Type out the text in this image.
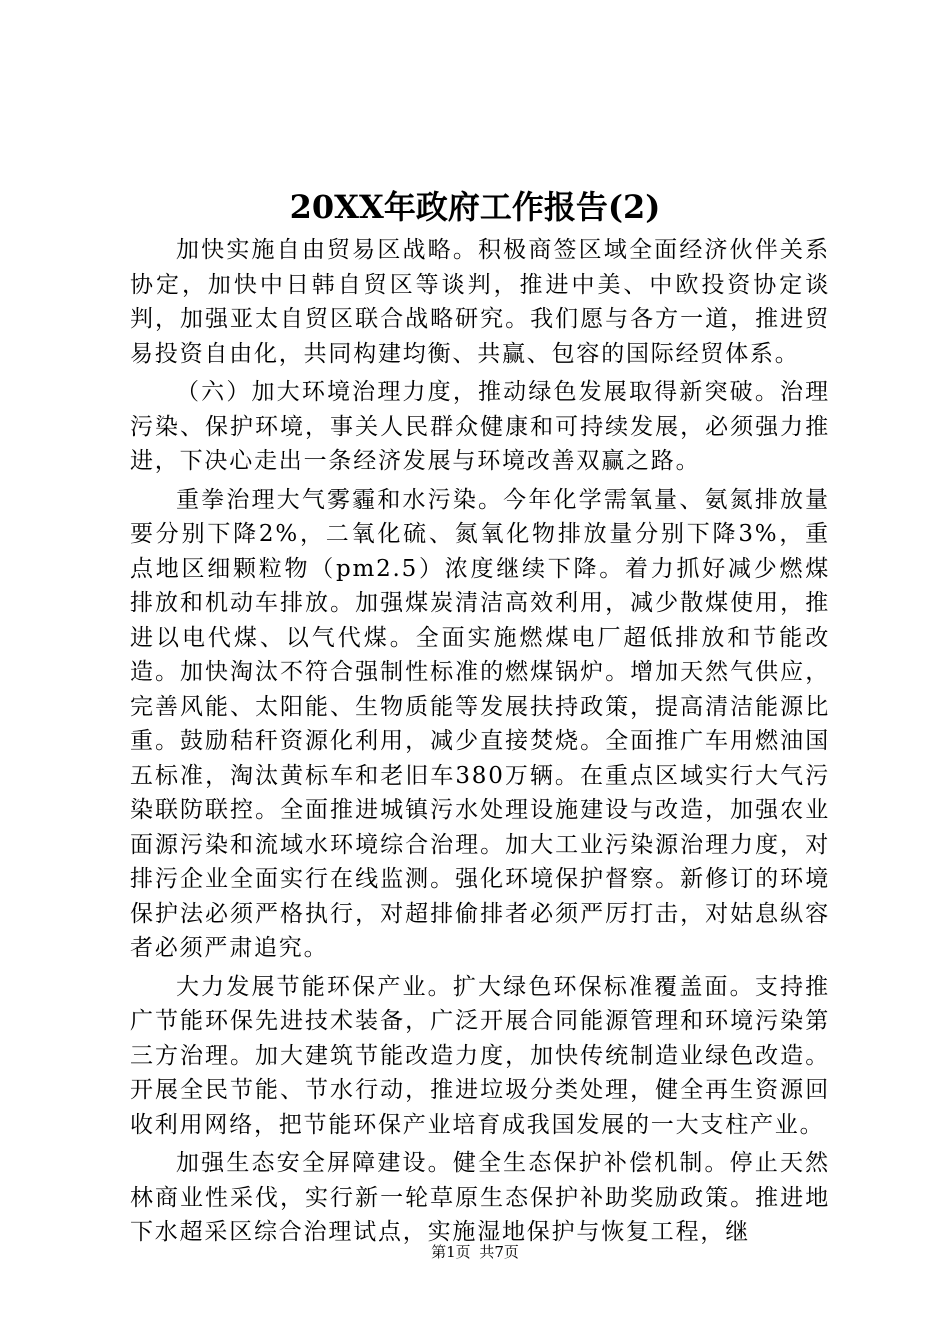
20XX年政府工作报告(2)

加快实施自由贸易区战略。积极商签区域全面经济伙伴关系协定，加快中日韩自贸区等谈判，推进中美、中欧投资协定谈判，加强亚太自贸区联合战略研究。我们愿与各方一道，推进贸易投资自由化，共同构建均衡、共赢、包容的国际经贸体系。

（六）加大环境治理力度，推动绿色发展取得新突破。治理污染、保护环境，事关人民群众健康和可持续发展，必须强力推进，下决心走出一条经济发展与环境改善双赢之路。

重拳治理大气雾霾和水污染。今年化学需氧量、氨氮排放量要分别下降2%，二氧化硫、氮氧化物排放量分别下降3%，重点地区细颗粒物（pm2.5）浓度继续下降。着力抓好减少燃煤排放和机动车排放。加强煤炭清洁高效利用，减少散煤使用，推进以电代煤、以气代煤。全面实施燃煤电厂超低排放和节能改造。加快淘汰不符合强制性标准的燃煤锅炉。增加天然气供应，完善风能、太阳能、生物质能等发展扶持政策，提高清洁能源比重。鼓励秸秆资源化利用，减少直接焚烧。全面推广车用燃油国五标准，淘汰黄标车和老旧车380万辆。在重点区域实行大气污染联防联控。全面推进城镇污水处理设施建设与改造，加强农业面源污染和流域水环境综合治理。加大工业污染源治理力度，对排污企业全面实行在线监测。强化环境保护督察。新修订的环境保护法必须严格执行，对超排偷排者必须严厉打击，对姑息纵容者必须严肃追究。

大力发展节能环保产业。扩大绿色环保标准覆盖面。支持推广节能环保先进技术装备，广泛开展合同能源管理和环境污染第三方治理。加大建筑节能改造力度，加快传统制造业绿色改造。开展全民节能、节水行动，推进垃圾分类处理，健全再生资源回收利用网络，把节能环保产业培育成我国发展的一大支柱产业。

加强生态安全屏障建设。健全生态保护补偿机制。停止天然林商业性采伐，实行新一轮草原生态保护补助奖励政策。推进地下水超采区综合治理试点，实施湿地保护与恢复工程，继

第1页 共7页
